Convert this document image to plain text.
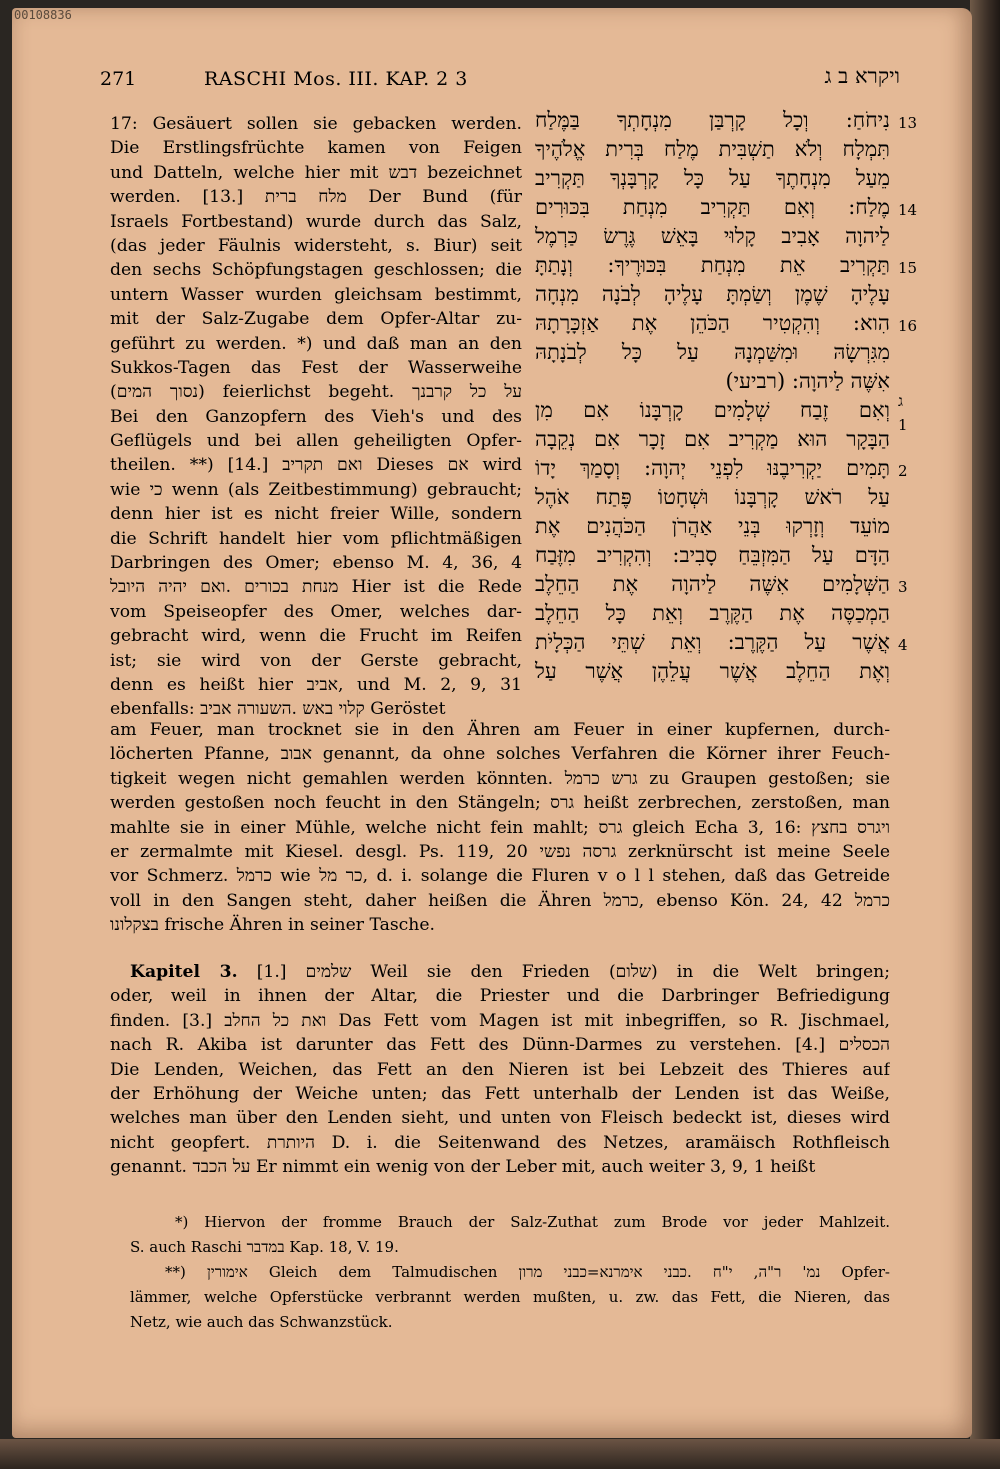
00108836
271	RASCHI Mos. III. KAP. 2 3	ויקרא ב ג
17: Gesäuert sollen sie gebacken werden.
Die Erstlingsfrüchte kamen von Feigen
und Datteln, welche hier mit דבש bezeichnet
werden. [13.] מלח ברית Der Bund (für
Israels Fortbestand) wurde durch das Salz,
(das jeder Fäulnis widersteht, s. Biur) seit
den sechs Schöpfungstagen geschlossen; die
untern Wasser wurden gleichsam bestimmt,
mit der Salz-Zugabe dem Opfer-Altar zu-
geführt zu werden. *) und daß man an den
Sukkos-Tagen das Fest der Wasserweihe
(נסוך המים) feierlichst begeht. על כל קרבנך
Bei den Ganzopfern des Vieh's und des
Geflügels und bei allen geheiligten Opfer-
theilen. **) [14.] ואם תקריב Dieses אם wird
wie כי wenn (als Zeitbestimmung) gebraucht;
denn hier ist es nicht freier Wille, sondern
die Schrift handelt hier vom pflichtmäßigen
Darbringen des Omer; ebenso M. 4, 36, 4
מנחת בכורים .ואם יהיה היובל Hier ist die Rede
vom Speiseopfer des Omer, welches dar-
gebracht wird, wenn die Frucht im Reifen
ist; sie wird von der Gerste gebracht,
denn es heißt hier אביב, und M. 2, 9, 31
ebenfalls: קלוי באש .השעורה אביב Geröstet
נִיחֹחַ: וְכָל קָרְבַּן מִנְחָתְךָ בַּמֶּלַח
תִּמְלָח וְלֹא תַשְׁבִּית מֶלַח בְּרִית אֱלֹהֶיךָ
מֵעַל מִנְחָתֶךָ עַל כָּל קָרְבָּנְךָ תַּקְרִיב
מֶלַח: וְאִם תַּקְרִיב מִנְחַת בִּכּוּרִים
לַיהוָה אָבִיב קָלוּי בָּאֵשׁ גֶּרֶשׂ כַּרְמֶל
תַּקְרִיב אֵת מִנְחַת בִּכּוּרֶיךָ: וְנָתַתָּ
עָלֶיהָ שֶׁמֶן וְשַׂמְתָּ עָלֶיהָ לְבֹנָה מִנְחָה
הִוא: וְהִקְטִיר הַכֹּהֵן אֶת אַזְכָּרָתָהּ
מִגִּרְשָׂהּ וּמִשַּׁמְנָהּ עַל כָּל לְבֹנָתָהּ
אִשֶּׁה לַיהוָה: (רביעי)
וְאִם זֶבַח שְׁלָמִים קָרְבָּנוֹ אִם מִן
הַבָּקָר הוּא מַקְרִיב אִם זָכָר אִם נְקֵבָה
תָּמִים יַקְרִיבֶנּוּ לִפְנֵי יְהוָה: וְסָמַךְ יָדוֹ
עַל רֹאשׁ קָרְבָּנוֹ וּשְׁחָטוֹ פֶּתַח אֹהֶל
מוֹעֵד וְזָרְקוּ בְּנֵי אַהֲרֹן הַכֹּהֲנִים אֶת
הַדָּם עַל הַמִּזְבֵּחַ סָבִיב: וְהִקְרִיב מִזֶּבַח
הַשְּׁלָמִים אִשֶּׁה לַיהוָה אֶת הַחֵלֶב
הַמְכַסֶּה אֶת הַקֶּרֶב וְאֵת כָּל הַחֵלֶב
אֲשֶׁר עַל הַקֶּרֶב: וְאֵת שְׁתֵּי הַכְּלָיֹת
וְאֶת הַחֵלֶב אֲשֶׁר עֲלֵהֶן אֲשֶׁר עַל
13
14
15
16
ג
1
2
3
4
am Feuer, man trocknet sie in den Ähren am Feuer in einer kupfernen, durch-
löcherten Pfanne, אבוב genannt, da ohne solches Verfahren die Körner ihrer Feuch-
tigkeit wegen nicht gemahlen werden könnten. גרש כרמל zu Graupen gestoßen; sie
werden gestoßen noch feucht in den Stängeln; גרס heißt zerbrechen, zerstoßen, man
mahlte sie in einer Mühle, welche nicht fein mahlt; גרס gleich Echa 3, 16: ויגרס בחצץ
er zermalmte mit Kiesel. desgl. Ps. 119, 20 גרסה נפשי zerknürscht ist meine Seele
vor Schmerz. כרמל wie כר מל, d. i. solange die Fluren v o l l stehen, daß das Getreide
voll in den Sangen steht, daher heißen die Ähren כרמל, ebenso Kön. 24, 42 כרמל
בצקלונו frische Ähren in seiner Tasche.
Kapitel 3. [1.] שלמים Weil sie den Frieden (שלום) in die Welt bringen;
oder, weil in ihnen der Altar, die Priester und die Darbringer Befriedigung
finden. [3.] ואת כל החלב Das Fett vom Magen ist mit inbegriffen, so R. Jischmael,
nach R. Akiba ist darunter das Fett des Dünn-Darmes zu verstehen. [4.] הכסלים
Die Lenden, Weichen, das Fett an den Nieren ist bei Lebzeit des Thieres auf
der Erhöhung der Weiche unten; das Fett unterhalb der Lenden ist das Weiße,
welches man über den Lenden sieht, und unten von Fleisch bedeckt ist, dieses wird
nicht geopfert. היותרת D. i. die Seitenwand des Netzes, aramäisch Rothfleisch
genannt. על הכבד Er nimmt ein wenig von der Leber mit, auch weiter 3, 9, 1 heißt
*) Hiervon der fromme Brauch der Salz-Zuthat zum Brode vor jeder Mahlzeit.
S. auch Raschi במדבר Kap. 18, V. 19.
**) אימורין Gleich dem Talmudischen נמ' ר"ה, י"ח .כבני אימרנא=כבני מרון Opfer-
lämmer, welche Opferstücke verbrannt werden mußten, u. zw. das Fett, die Nieren, das
Netz, wie auch das Schwanzstück.
